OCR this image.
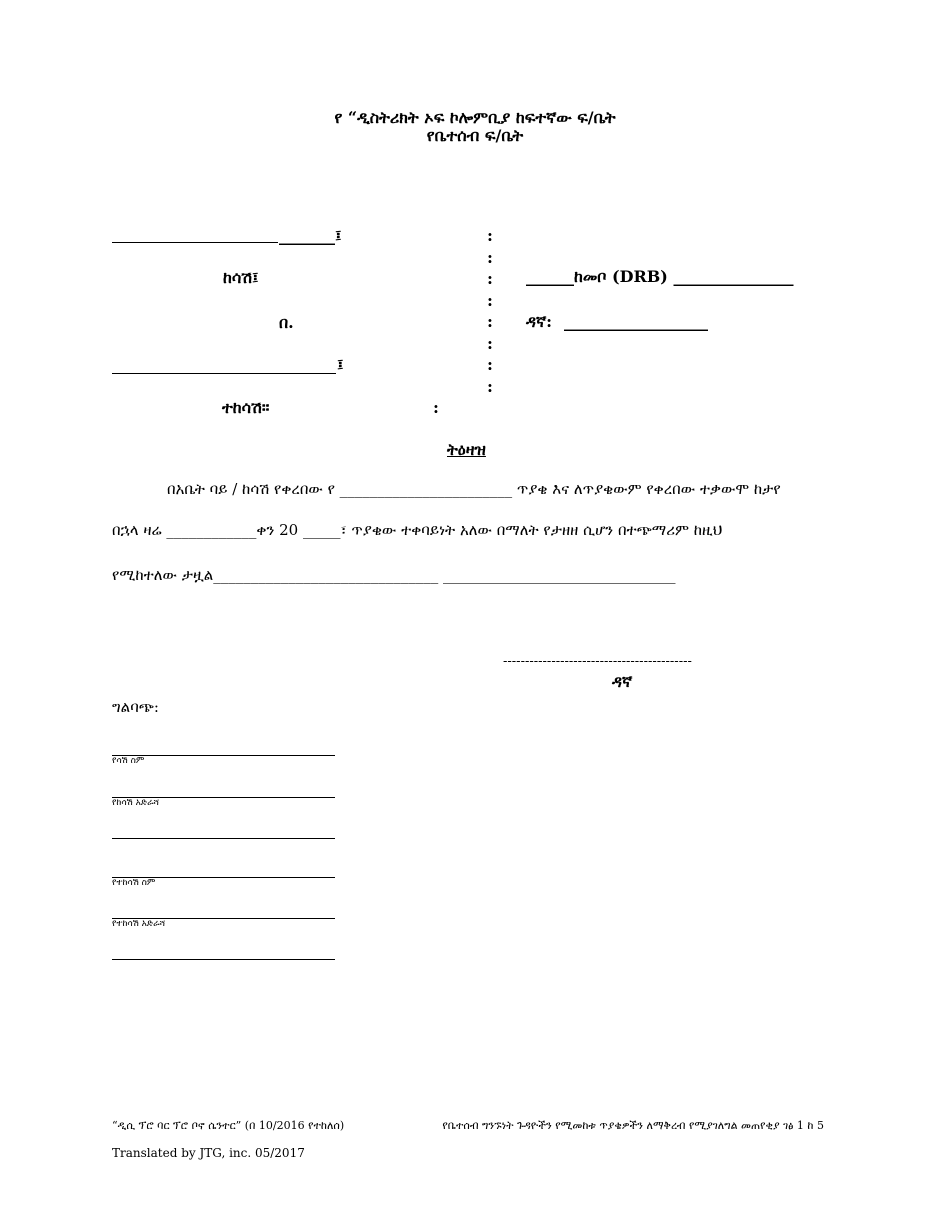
የ “ዲስትሪክት ኦፍ ኮሎምቢያ ከፍተኛው ፍ/ቤት
የቤተሰብ ፍ/ቤት
_______፤
ከሳሽ፤
በ.
፤
ተከሳሽ።	:
:
:
:
:
:
:
:
:
______ከመቦ (DRB) _______________
ዳኛ: __________________
ትዕዛዝ
በአቤት ባይ / ከሳሽ የቀረበው የ _______________________ ጥያቄ እና ለጥያቄውም የቀረበው ተቃውሞ ከታየ
በኋላ ዛሬ ____________ቀን 20 _____፣ ጥያቄው ተቀባይነት አለው በማለት የታዘዘ ሲሆን በተጭማሪም ከዚህ
የሚከተለው ታዟል______________________________ _______________________________
-------------------------------------------
ዳኛ
ግልባጭ:
የሳሽ ስም
የከሳሽ አድራሻ
የተከሳሽ ስም
የተከሳሽ አድራሻ
“ዲሲ ፕሮ ባር ፕሮ ቦኖ ሴንተር” (በ 10/2016 የተከለሰ)	የቤተሰብ ግንኙነት ጉዳዮችን የሚመከቱ ጥያቄዎችን ለማቅረብ የሚያገለግል መጠየቂያ ገፅ 1 ከ 5
Translated by JTG, inc. 05/2017
